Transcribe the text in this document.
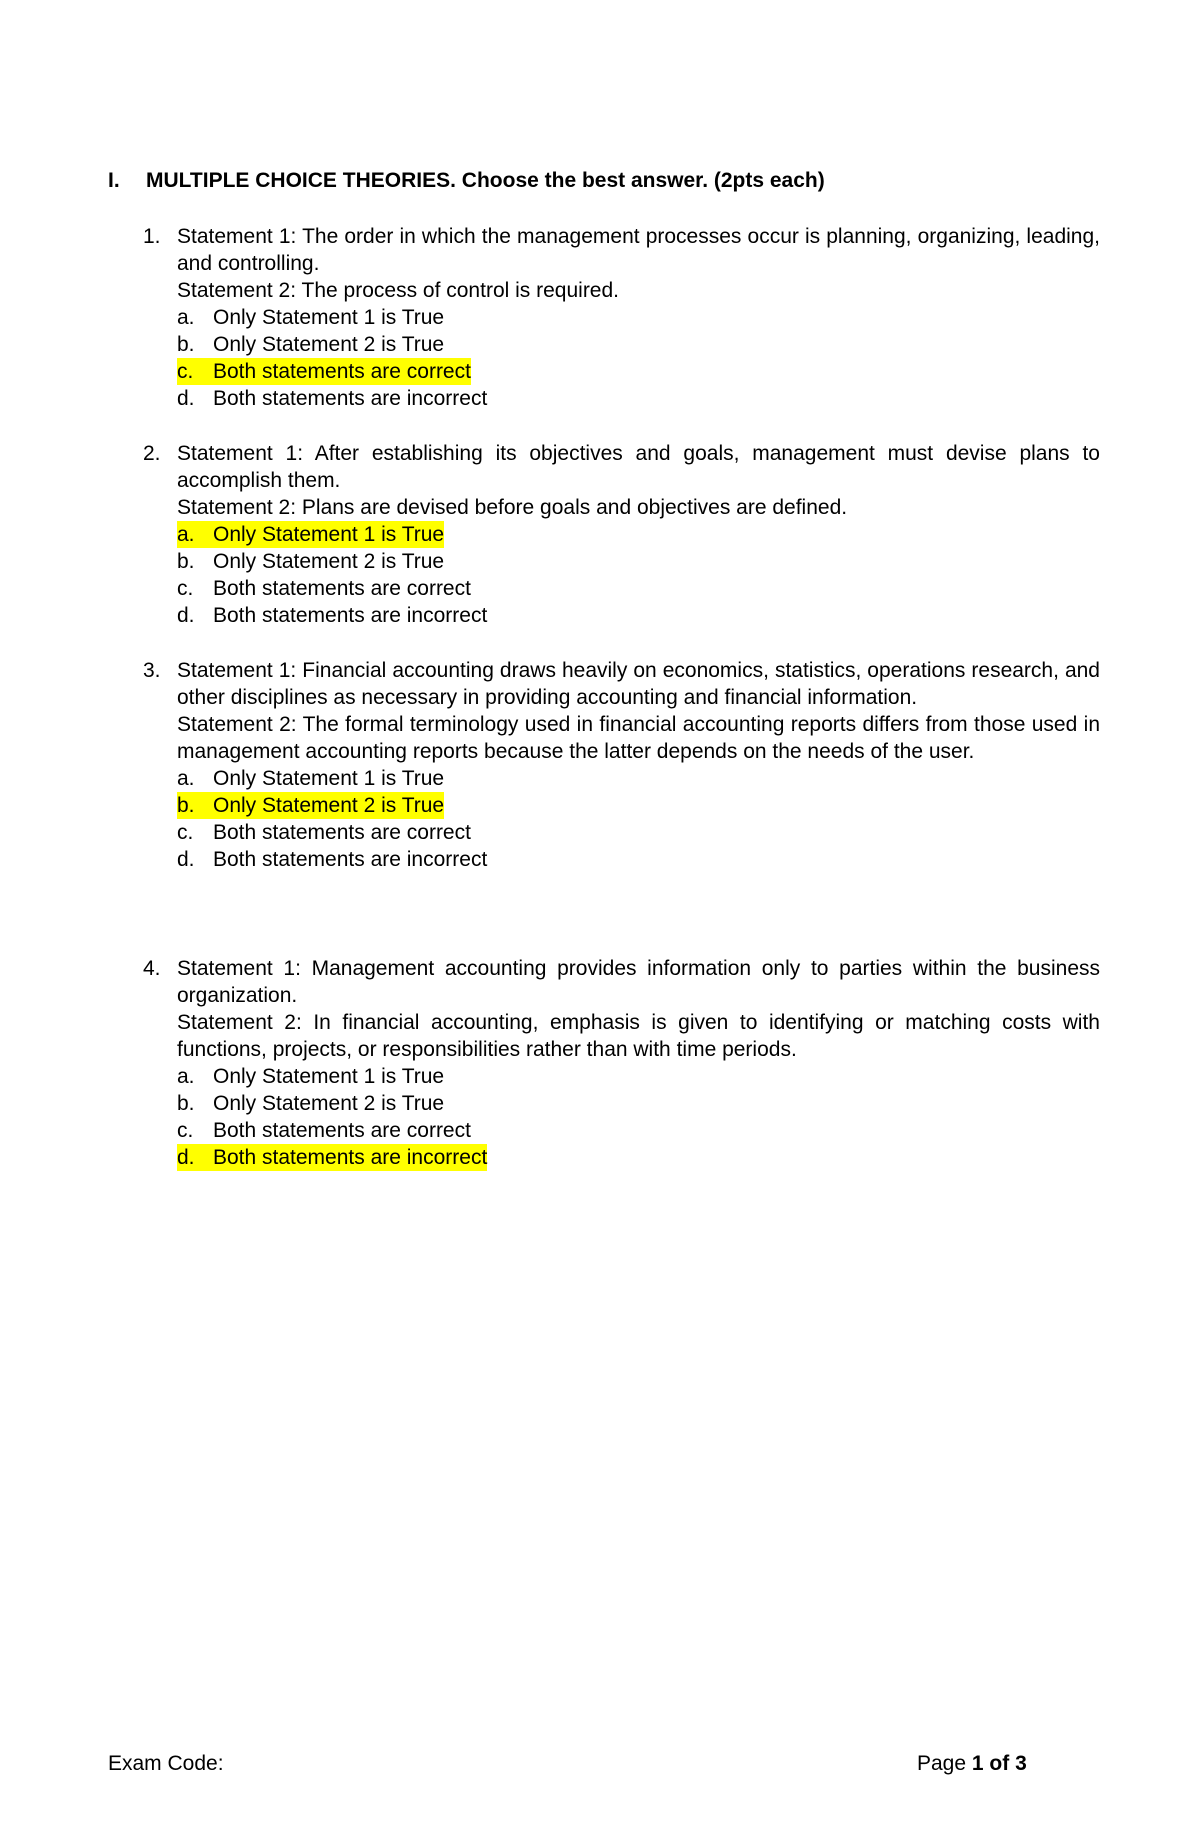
I. MULTIPLE CHOICE THEORIES. Choose the best answer. (2pts each)
1. Statement 1: The order in which the management processes occur is planning, organizing, leading, and controlling.
Statement 2: The process of control is required.
a. Only Statement 1 is True
b. Only Statement 2 is True
c. Both statements are correct
d. Both statements are incorrect
2. Statement 1: After establishing its objectives and goals, management must devise plans to accomplish them.
Statement 2: Plans are devised before goals and objectives are defined.
a. Only Statement 1 is True
b. Only Statement 2 is True
c. Both statements are correct
d. Both statements are incorrect
3. Statement 1: Financial accounting draws heavily on economics, statistics, operations research, and other disciplines as necessary in providing accounting and financial information.
Statement 2: The formal terminology used in financial accounting reports differs from those used in management accounting reports because the latter depends on the needs of the user.
a. Only Statement 1 is True
b. Only Statement 2 is True
c. Both statements are correct
d. Both statements are incorrect
4. Statement 1: Management accounting provides information only to parties within the business organization.
Statement 2: In financial accounting, emphasis is given to identifying or matching costs with functions, projects, or responsibilities rather than with time periods.
a. Only Statement 1 is True
b. Only Statement 2 is True
c. Both statements are correct
d. Both statements are incorrect
Exam Code:	Page 1 of 3
